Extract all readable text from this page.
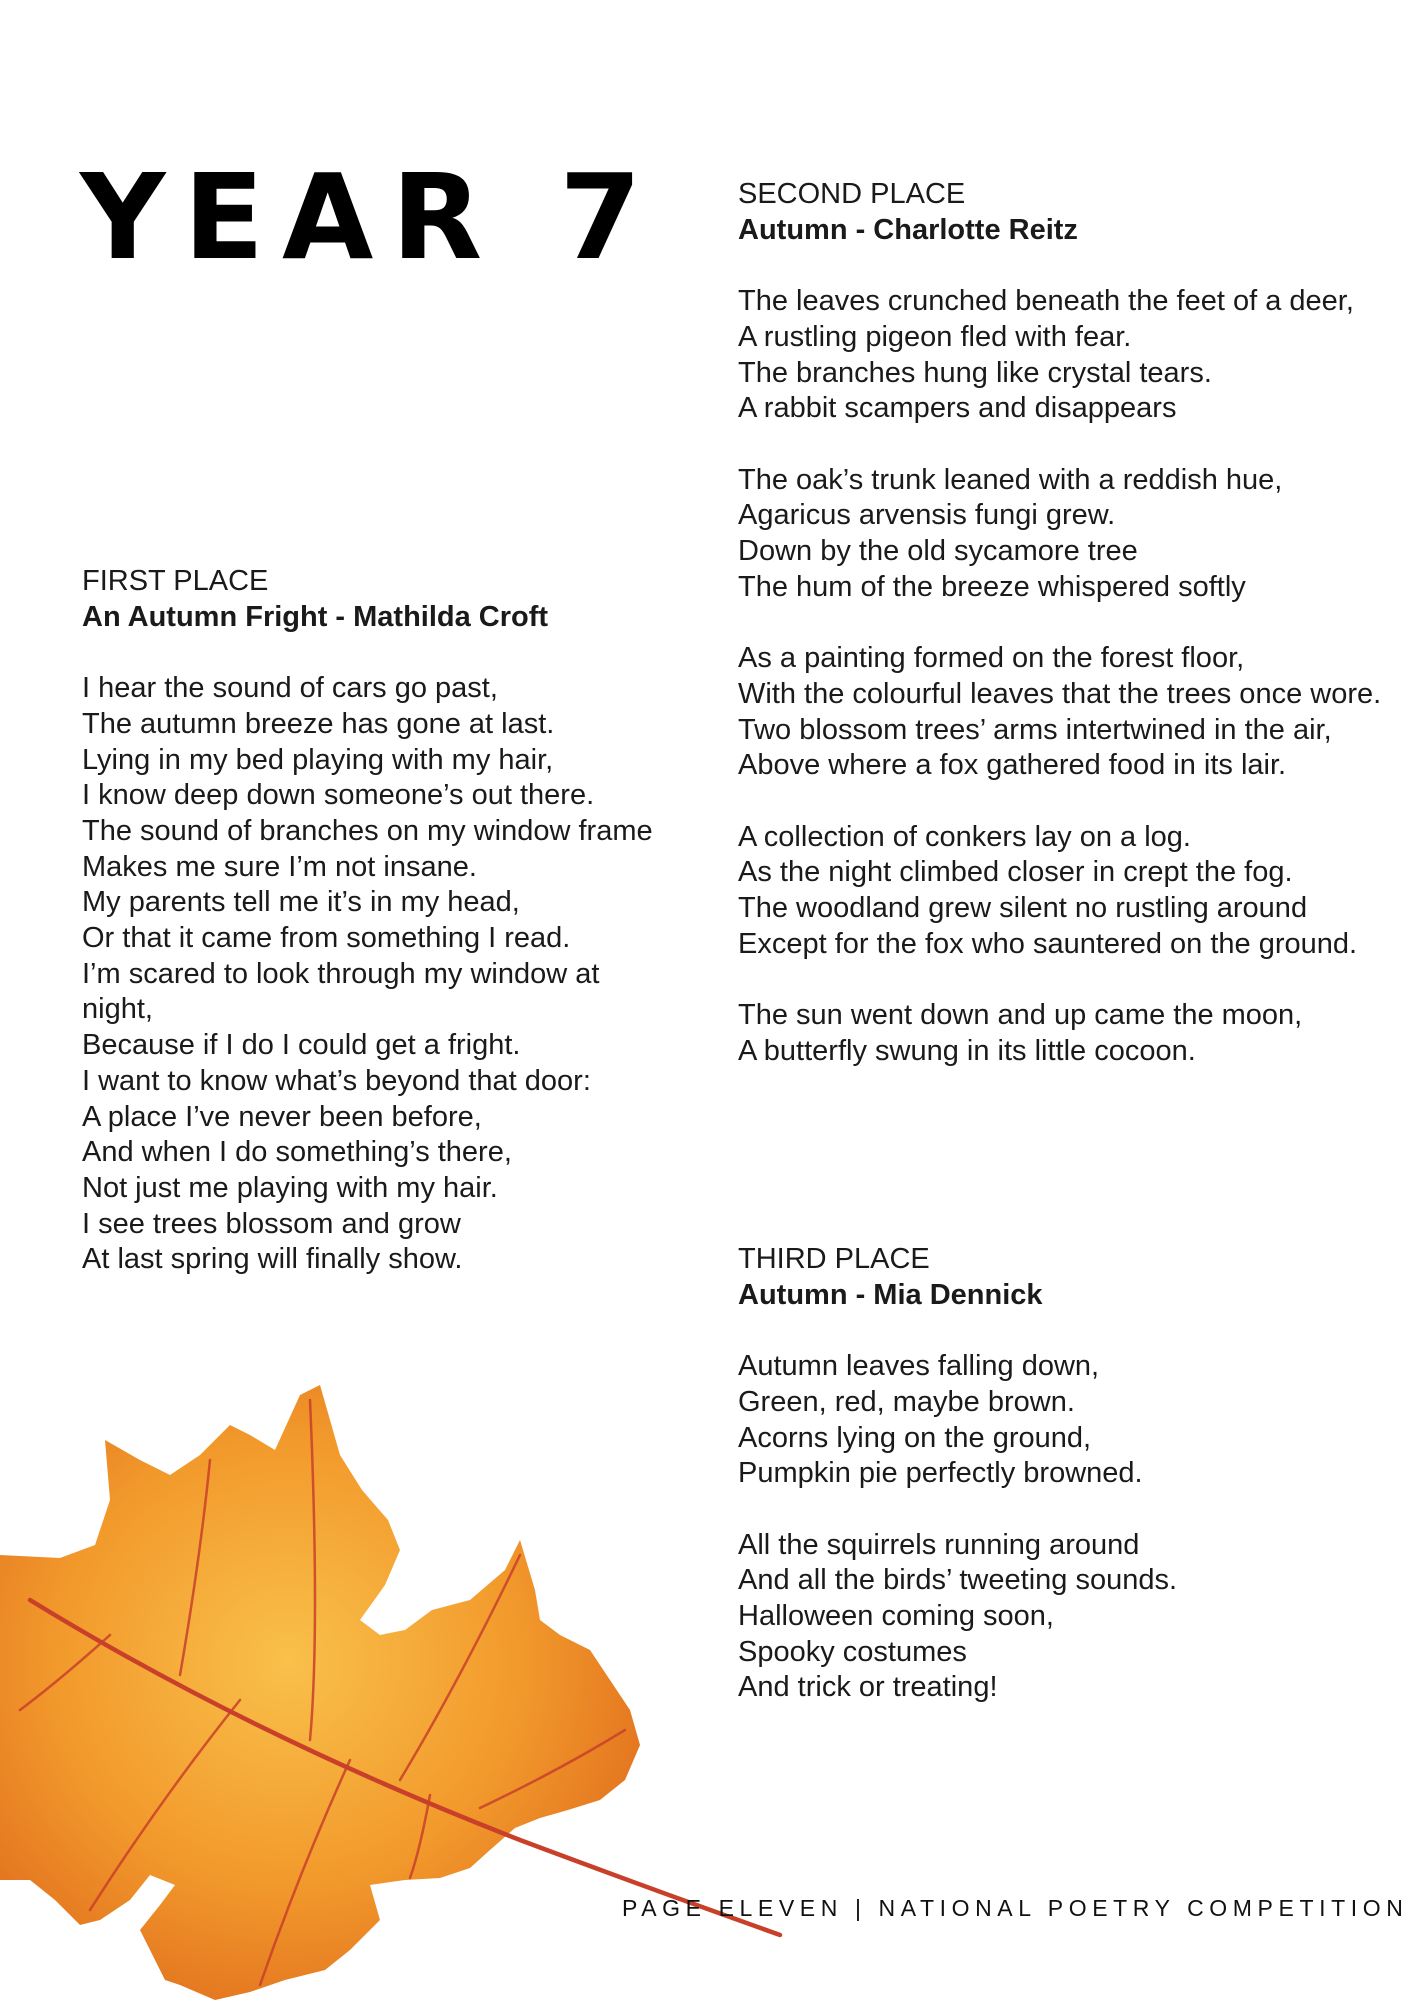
YEAR 7
FIRST PLACE
An Autumn Fright - Mathilda Croft
I hear the sound of cars go past,
The autumn breeze has gone at last.
Lying in my bed playing with my hair,
I know deep down someone’s out there.
The sound of branches on my window frame
Makes me sure I’m not insane.
My parents tell me it’s in my head,
Or that it came from something I read.
I’m scared to look through my window at night,
Because if I do I could get a fright.
I want to know what’s beyond that door:
A place I’ve never been before,
And when I do something’s there,
Not just me playing with my hair.
I see trees blossom and grow
At last spring will finally show.
SECOND PLACE
Autumn - Charlotte Reitz
The leaves crunched beneath the feet of a deer,
A rustling pigeon fled with fear.
The branches hung like crystal tears.
A rabbit scampers and disappears
The oak’s trunk leaned with a reddish hue,
Agaricus arvensis fungi grew.
Down by the old sycamore tree
The hum of the breeze whispered softly
As a painting formed on the forest floor,
With the colourful leaves that the trees once wore.
Two blossom trees’ arms intertwined in the air,
Above where a fox gathered food in its lair.
A collection of conkers lay on a log.
As the night climbed closer in crept the fog.
The woodland grew silent no rustling around
Except for the fox who sauntered on the ground.
The sun went down and up came the moon,
A butterfly swung in its little cocoon.
THIRD PLACE
Autumn - Mia Dennick
Autumn leaves falling down,
Green, red, maybe brown.
Acorns lying on the ground,
Pumpkin pie perfectly browned.
All the squirrels running around
And all the birds’ tweeting sounds.
Halloween coming soon,
Spooky costumes
And trick or treating!
PAGE ELEVEN | NATIONAL POETRY COMPETITION
